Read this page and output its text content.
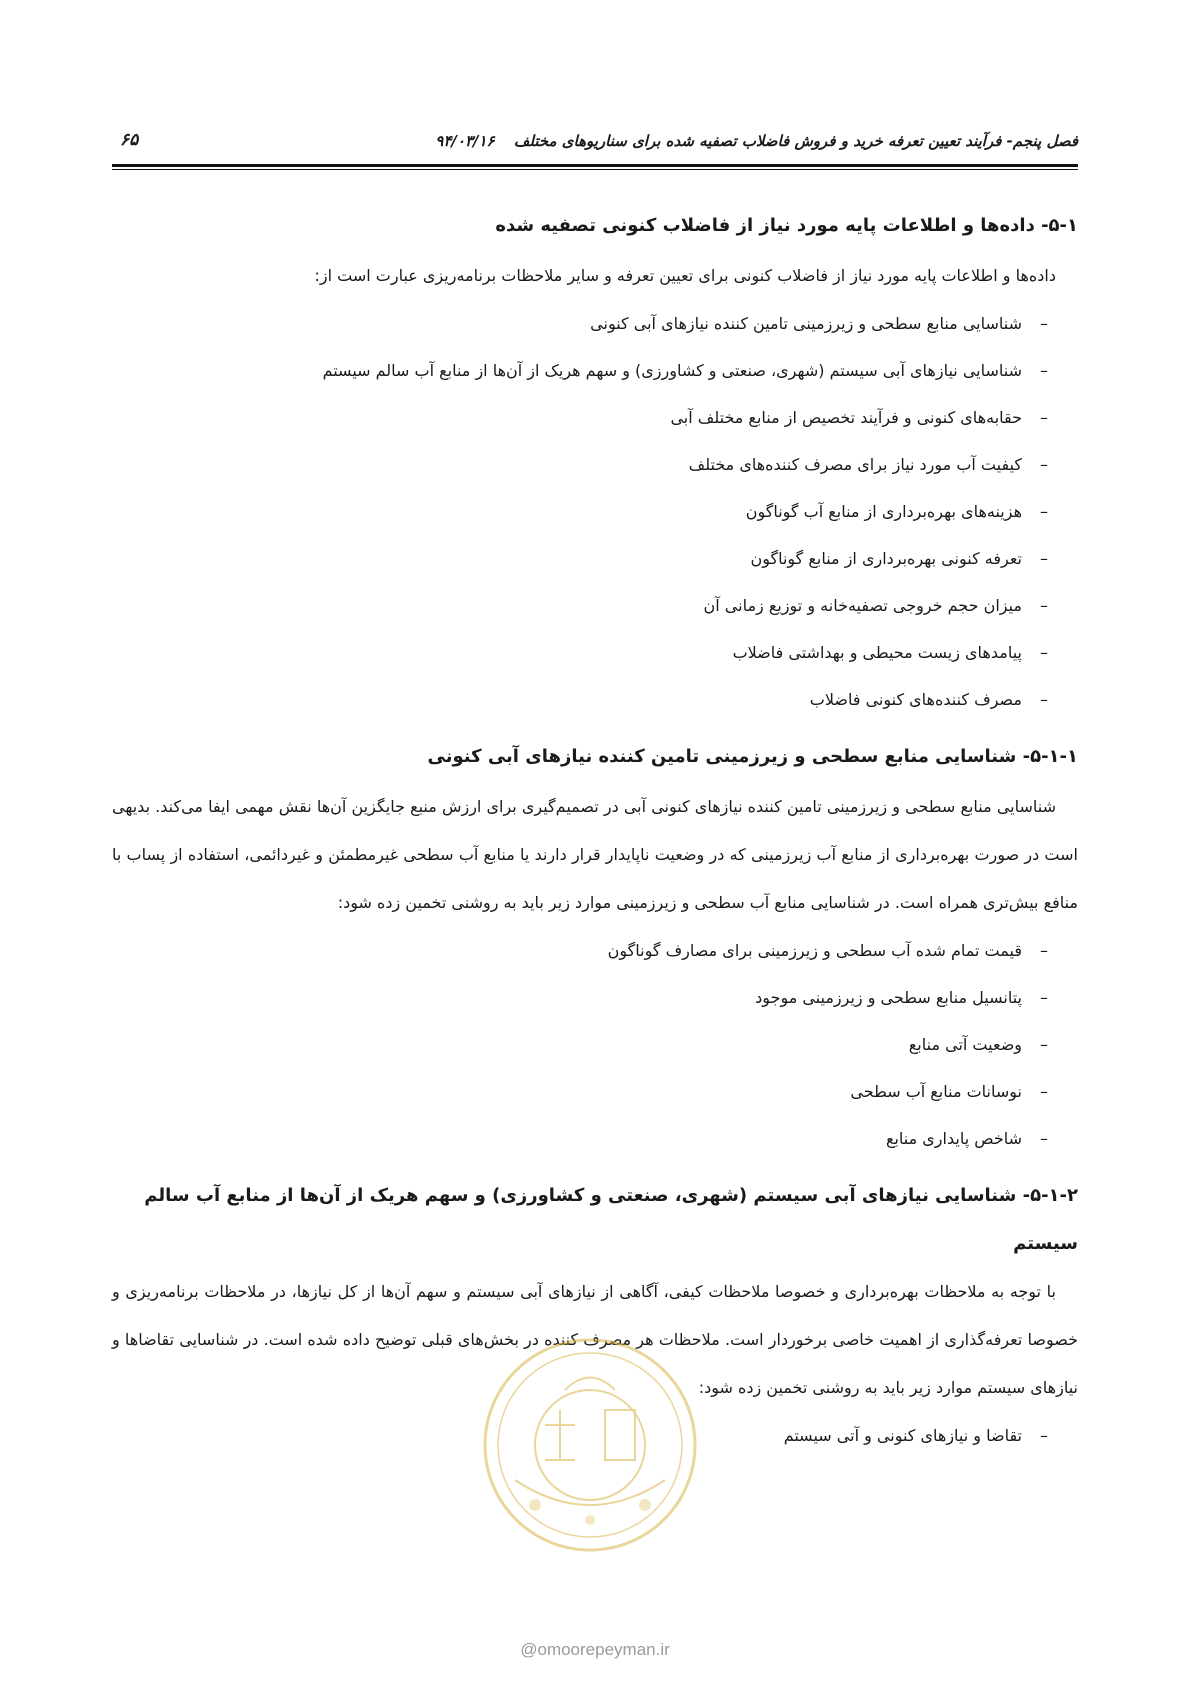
فصل پنجم- فرآیند تعیین تعرفه خرید و فروش فاضلاب تصفیه شده برای سناریوهای مختلف ۹۴/۰۳/۱۶
۶۵
۵-۱- داده‌ها و اطلاعات پایه مورد نیاز از فاضلاب کنونی تصفیه شده

داده‌ها و اطلاعات پایه مورد نیاز از فاضلاب کنونی برای تعیین تعرفه و سایر ملاحظات برنامه‌ریزی عبارت است از:

– شناسایی منابع سطحی و زیرزمینی تامین کننده نیازهای آبی کنونی
– شناسایی نیازهای آبی سیستم (شهری، صنعتی و کشاورزی) و سهم هریک از آن‌ها از منابع آب سالم سیستم
– حقابه‌های کنونی و فرآیند تخصیص از منابع مختلف آبی
– کیفیت آب مورد نیاز برای مصرف کننده‌های مختلف
– هزینه‌های بهره‌برداری از منابع آب گوناگون
– تعرفه کنونی بهره‌برداری از منابع گوناگون
– میزان حجم خروجی تصفیه‌خانه و توزیع زمانی آن
– پیامدهای زیست محیطی و بهداشتی فاضلاب
– مصرف کننده‌های کنونی فاضلاب
۵-۱-۱- شناسایی منابع سطحی و زیرزمینی تامین کننده نیازهای آبی کنونی

شناسایی منابع سطحی و زیرزمینی تامین کننده نیازهای کنونی آبی در تصمیم‌گیری برای ارزش منبع جایگزین آن‌ها نقش مهمی ایفا می‌کند. بدیهی است در صورت بهره‌برداری از منابع آب زیرزمینی که در وضعیت ناپایدار قرار دارند یا منابع آب سطحی غیرمطمئن و غیردائمی، استفاده از پساب با منافع بیش‌تری همراه است. در شناسایی منابع آب سطحی و زیرزمینی موارد زیر باید به روشنی تخمین زده شود:

– قیمت تمام شده آب سطحی و زیرزمینی برای مصارف گوناگون
– پتانسیل منابع سطحی و زیرزمینی موجود
– وضعیت آتی منابع
– نوسانات منابع آب سطحی
– شاخص پایداری منابع
۵-۱-۲- شناسایی نیازهای آبی سیستم (شهری، صنعتی و کشاورزی) و سهم هریک از آن‌ها از منابع آب سالم سیستم

با توجه به ملاحظات بهره‌برداری و خصوصا ملاحظات کیفی، آگاهی از نیازهای آبی سیستم و سهم آن‌ها از کل نیازها، در ملاحظات برنامه‌ریزی و خصوصا تعرفه‌گذاری از اهمیت خاصی برخوردار است. ملاحظات هر مصرف کننده در بخش‌های قبلی توضیح داده شده است. در شناسایی تقاضاها و نیازهای سیستم موارد زیر باید به روشنی تخمین زده شود:

– تقاضا و نیازهای کنونی و آتی سیستم
@omoorepeyman.ir
